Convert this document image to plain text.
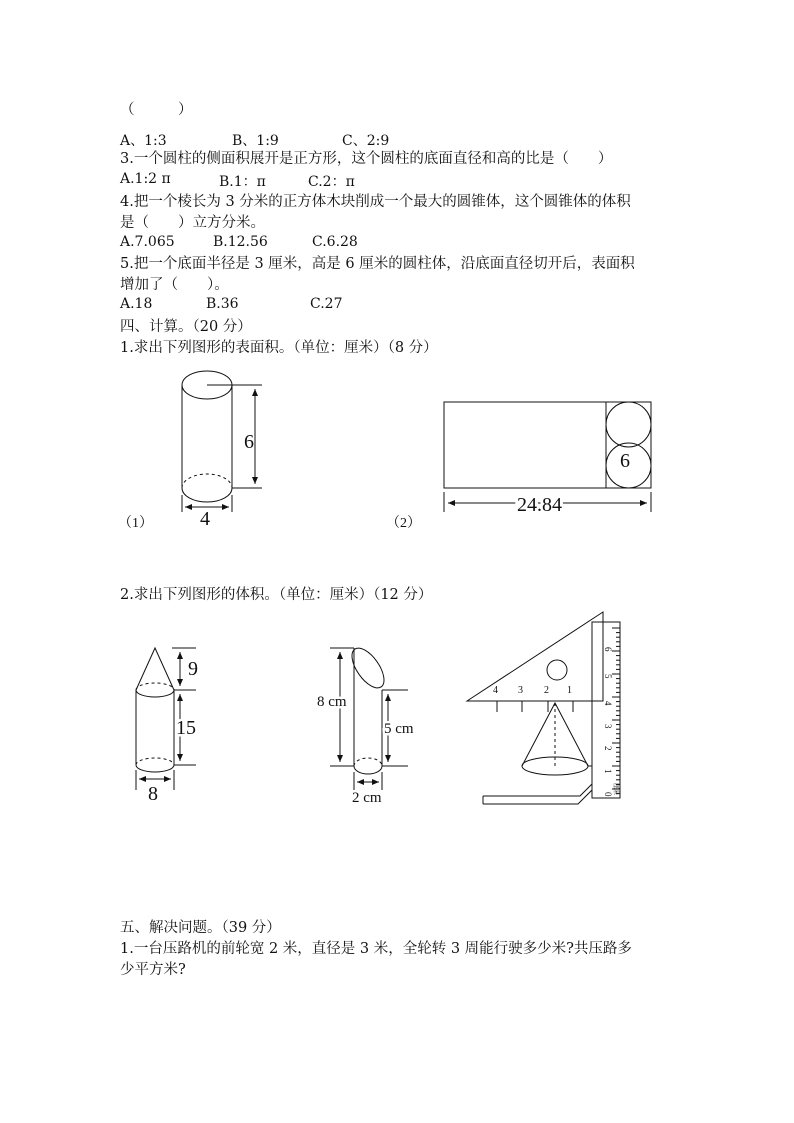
（　　　）
A、1:3	B、1:9	C、2:9
3.一个圆柱的侧面积展开是正方形，这个圆柱的底面直径和高的比是（　　）
A.1:2 π	B.1：π	C.2：π
4.把一个棱长为 3 分米的正方体木块削成一个最大的圆锥体，这个圆锥体的体积
是（　　）立方分米。
A.7.065	B.12.56	C.6.28
5.把一个底面半径是 3 厘米，高是 6 厘米的圆柱体，沿底面直径切开后，表面积
增加了（　　）。
A.18	B.36	C.27
四、计算。（20 分）
1.求出下列图形的表面积。（单位：厘米）（8 分）
6
4
（1）
6
24.84
（2）
2.求出下列图形的体积。（单位：厘米）（12 分）
9
15
8
8 cm
5 cm
2 cm
4 3 2 1
6
5
4
3
2
1
0 厘米
五、解决问题。（39 分）
1.一台压路机的前轮宽 2 米，直径是 3 米，全轮转 3 周能行驶多少米?共压路多
少平方米?
